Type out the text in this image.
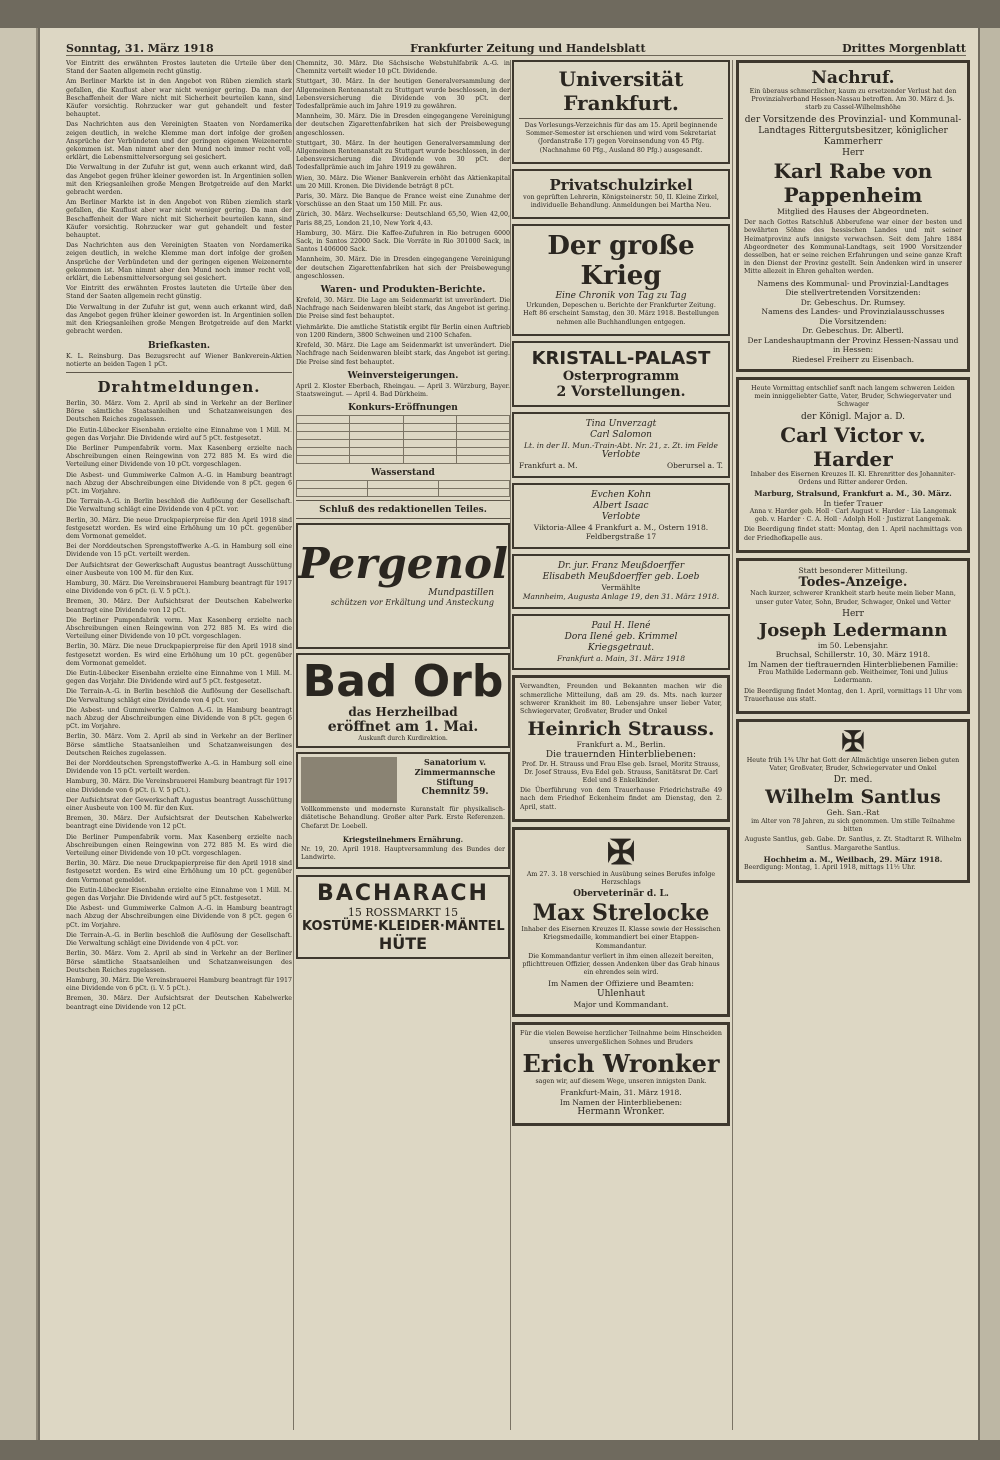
Sonntag, 31. März 1918	Frankfurter Zeitung und Handelsblatt	Drittes Morgenblatt

Vor Eintritt des erwähnten Frostes lauteten die Urteile über den Stand der Saaten allgemein recht günstig.

Am Berliner Markte ist in den Angebot von Rüben ziemlich stark gefallen, die Kauflust aber war nicht weniger gering. Da man der Beschaffenheit der Ware nicht mit Sicherheit beurteilen kann, sind Käufer vorsichtig. Rohrzucker war gut gehandelt und fester behauptet.

Das Nachrichten aus den Vereinigten Staaten von Nordamerika zeigen deutlich, in welche Klemme man dort infolge der großen Ansprüche der Verbündeten und der geringen eigenen Weizenernte gekommen ist. Man nimmt aber den Mund noch immer recht voll, erklärt, die Lebensmittelversorgung sei gesichert.

Die Verwaltung in der Zufuhr ist gut, wenn auch erkannt wird, daß das Angebot gegen früher kleiner geworden ist. In Argentinien sollen mit den Kriegsanleihen große Mengen Brotgetreide auf den Markt gebracht werden.

Am Berliner Markte ist in den Angebot von Rüben ziemlich stark gefallen, die Kauflust aber war nicht weniger gering. Da man der Beschaffenheit der Ware nicht mit Sicherheit beurteilen kann, sind Käufer vorsichtig. Rohrzucker war gut gehandelt und fester behauptet.

Das Nachrichten aus den Vereinigten Staaten von Nordamerika zeigen deutlich, in welche Klemme man dort infolge der großen Ansprüche der Verbündeten und der geringen eigenen Weizenernte gekommen ist. Man nimmt aber den Mund noch immer recht voll, erklärt, die Lebensmittelversorgung sei gesichert.

Vor Eintritt des erwähnten Frostes lauteten die Urteile über den Stand der Saaten allgemein recht günstig.

Die Verwaltung in der Zufuhr ist gut, wenn auch erkannt wird, daß das Angebot gegen früher kleiner geworden ist. In Argentinien sollen mit den Kriegsanleihen große Mengen Brotgetreide auf den Markt gebracht werden.

Briefkasten.

K. L. Reinsburg. Das Bezugsrecht auf Wiener Bankverein-Aktien notierte an beiden Tagen 1 pCt.

Drahtmeldungen.

Berlin, 30. März. Vom 2. April ab sind in Verkehr an der Berliner Börse sämtliche Staatsanleihen und Schatzanweisungen des Deutschen Reiches zugelassen.

Die Eutin-Lübecker Eisenbahn erzielte eine Einnahme von 1 Mill. M. gegen das Vorjahr. Die Dividende wird auf 5 pCt. festgesetzt.

Die Berliner Pumpenfabrik vorm. Max Kasenberg erzielte nach Abschreibungen einen Reingewinn von 272 885 M. Es wird die Verteilung einer Dividende von 10 pCt. vorgeschlagen.

Die Asbest- und Gummiwerke Calmon A.-G. in Hamburg beantragt nach Abzug der Abschreibungen eine Dividende von 8 pCt. gegen 6 pCt. im Vorjahre.

Die Terrain-A.-G. in Berlin beschloß die Auflösung der Gesellschaft. Die Verwaltung schlägt eine Dividende von 4 pCt. vor.

Berlin, 30. März. Die neue Druckpapierpreise für den April 1918 sind festgesetzt worden. Es wird eine Erhöhung um 10 pCt. gegenüber dem Vormonat gemeldet.

Bei der Norddeutschen Sprengstoffwerke A.-G. in Hamburg soll eine Dividende von 15 pCt. verteilt werden.

Der Aufsichtsrat der Gewerkschaft Augustus beantragt Ausschüttung einer Ausbeute von 100 M. für den Kux.

Hamburg, 30. März. Die Vereinsbrauerei Hamburg beantragt für 1917 eine Dividende von 6 pCt. (i. V. 5 pCt.).

Bremen, 30. März. Der Aufsichtsrat der Deutschen Kabelwerke beantragt eine Dividende von 12 pCt.

Die Berliner Pumpenfabrik vorm. Max Kasenberg erzielte nach Abschreibungen einen Reingewinn von 272 885 M. Es wird die Verteilung einer Dividende von 10 pCt. vorgeschlagen.

Berlin, 30. März. Die neue Druckpapierpreise für den April 1918 sind festgesetzt worden. Es wird eine Erhöhung um 10 pCt. gegenüber dem Vormonat gemeldet.

Die Eutin-Lübecker Eisenbahn erzielte eine Einnahme von 1 Mill. M. gegen das Vorjahr. Die Dividende wird auf 5 pCt. festgesetzt.

Die Terrain-A.-G. in Berlin beschloß die Auflösung der Gesellschaft. Die Verwaltung schlägt eine Dividende von 4 pCt. vor.

Die Asbest- und Gummiwerke Calmon A.-G. in Hamburg beantragt nach Abzug der Abschreibungen eine Dividende von 8 pCt. gegen 6 pCt. im Vorjahre.

Berlin, 30. März. Vom 2. April ab sind in Verkehr an der Berliner Börse sämtliche Staatsanleihen und Schatzanweisungen des Deutschen Reiches zugelassen.

Bei der Norddeutschen Sprengstoffwerke A.-G. in Hamburg soll eine Dividende von 15 pCt. verteilt werden.

Hamburg, 30. März. Die Vereinsbrauerei Hamburg beantragt für 1917 eine Dividende von 6 pCt. (i. V. 5 pCt.).

Der Aufsichtsrat der Gewerkschaft Augustus beantragt Ausschüttung einer Ausbeute von 100 M. für den Kux.

Bremen, 30. März. Der Aufsichtsrat der Deutschen Kabelwerke beantragt eine Dividende von 12 pCt.

Die Berliner Pumpenfabrik vorm. Max Kasenberg erzielte nach Abschreibungen einen Reingewinn von 272 885 M. Es wird die Verteilung einer Dividende von 10 pCt. vorgeschlagen.

Berlin, 30. März. Die neue Druckpapierpreise für den April 1918 sind festgesetzt worden. Es wird eine Erhöhung um 10 pCt. gegenüber dem Vormonat gemeldet.

Die Eutin-Lübecker Eisenbahn erzielte eine Einnahme von 1 Mill. M. gegen das Vorjahr. Die Dividende wird auf 5 pCt. festgesetzt.

Die Asbest- und Gummiwerke Calmon A.-G. in Hamburg beantragt nach Abzug der Abschreibungen eine Dividende von 8 pCt. gegen 6 pCt. im Vorjahre.

Die Terrain-A.-G. in Berlin beschloß die Auflösung der Gesellschaft. Die Verwaltung schlägt eine Dividende von 4 pCt. vor.

Berlin, 30. März. Vom 2. April ab sind in Verkehr an der Berliner Börse sämtliche Staatsanleihen und Schatzanweisungen des Deutschen Reiches zugelassen.

Hamburg, 30. März. Die Vereinsbrauerei Hamburg beantragt für 1917 eine Dividende von 6 pCt. (i. V. 5 pCt.).

Bremen, 30. März. Der Aufsichtsrat der Deutschen Kabelwerke beantragt eine Dividende von 12 pCt.

Chemnitz, 30. März. Die Sächsische Webstuhlfabrik A.-G. in Chemnitz verteilt wieder 10 pCt. Dividende.

Stuttgart, 30. März. In der heutigen Generalversammlung der Allgemeinen Rentenanstalt zu Stuttgart wurde beschlossen, in der Lebensversicherung die Dividende von 30 pCt. der Todesfallprämie auch im Jahre 1919 zu gewähren.

Mannheim, 30. März. Die in Dresden eingegangene Vereinigung der deutschen Zigarettenfabriken hat sich der Preisbewegung angeschlossen.

Stuttgart, 30. März. In der heutigen Generalversammlung der Allgemeinen Rentenanstalt zu Stuttgart wurde beschlossen, in der Lebensversicherung die Dividende von 30 pCt. der Todesfallprämie auch im Jahre 1919 zu gewähren.

Wien, 30. März. Die Wiener Bankverein erhöht das Aktienkapital um 20 Mill. Kronen. Die Dividende beträgt 8 pCt.

Paris, 30. März. Die Banque de France weist eine Zunahme der Vorschüsse an den Staat um 150 Mill. Fr. aus.

Zürich, 30. März. Wechselkurse: Deutschland 65,50, Wien 42,00, Paris 88,25, London 21,10, New York 4,43.

Hamburg, 30. März. Die Kaffee-Zufuhren in Rio betrugen 6000 Sack, in Santos 22000 Sack. Die Vorräte in Rio 301000 Sack, in Santos 1406000 Sack.

Mannheim, 30. März. Die in Dresden eingegangene Vereinigung der deutschen Zigarettenfabriken hat sich der Preisbewegung angeschlossen.

Waren- und Produkten-Berichte.

Krefeld, 30. März. Die Lage am Seidenmarkt ist unverändert. Die Nachfrage nach Seidenwaren bleibt stark, das Angebot ist gering. Die Preise sind fest behauptet.

Viehmärkte. Die amtliche Statistik ergibt für Berlin einen Auftrieb von 1200 Rindern, 3800 Schweinen und 2100 Schafen.

Krefeld, 30. März. Die Lage am Seidenmarkt ist unverändert. Die Nachfrage nach Seidenwaren bleibt stark, das Angebot ist gering. Die Preise sind fest behauptet.

Weinversteigerungen.

April 2. Kloster Eberbach, Rheingau. — April 3. Würzburg, Bayer. Staatsweingut. — April 4. Bad Dürkheim.

Konkurs-Eröffnungen

Wasserstand

Schluß des redaktionellen Teiles.
Pergenol
Mundpastillen
schützen vor Erkältung und Ansteckung
Bad Orb
das Herzheilbad
eröffnet am 1. Mai.
Auskunft durch Kurdirektion.
Sanatorium v. Zimmermannsche Stiftung
Chemnitz 59.

Vollkommenste und modernste Kuranstalt für physikalisch-diätetische Behandlung. Großer alter Park. Erste Referenzen. Chefarzt Dr. Loebell.

Kriegsteilnehmers Ernährung.

Nr. 19, 20. April 1918. Hauptversammlung des Bundes der Landwirte.

BACHARACH
15 ROSSMARKT 15
KOSTÜME·KLEIDER·MÄNTEL
HÜTE
Universität Frankfurt.

Das Vorlesungs-Verzeichnis für das am 15. April beginnende Sommer-Semester ist erschienen und wird vom Sekretariat (Jordanstraße 17) gegen Voreinsendung von 45 Pfg. (Nachnahme 60 Pfg., Ausland 80 Pfg.) ausgesandt.

Privatschulzirkel

von geprüften Lehrerin, Königsteinerstr. 50, II. Kleine Zirkel, individuelle Behandlung. Anmeldungen bei Martha Neu.

Der große Krieg
Eine Chronik von Tag zu Tag

Urkunden, Depeschen u. Berichte der Frankfurter Zeitung. Heft 86 erscheint Samstag, den 30. März 1918. Bestellungen nehmen alle Buchhandlungen entgegen.

KRISTALL-PALAST
Osterprogramm
2 Vorstellungen.
Tina Unverzagt
Carl Salomon
Lt. in der II. Mun.-Train-Abt. Nr. 21, z. Zt. im Felde
Verlobte
Frankfurt a. M.	Oberursel a. T.
Evchen Kohn
Albert Isaac
Verlobte
Viktoria-Allee 4 Frankfurt a. M., Ostern 1918. Feldbergstraße 17
Dr. jur. Franz Meußdoerffer
Elisabeth Meußdoerffer geb. Loeb
Vermählte
Mannheim, Augusta Anlage 19, den 31. März 1918.
Paul H. Ilené
Dora Ilené geb. Krimmel
Kriegsgetraut.
Frankfurt a. Main, 31. März 1918

Verwandten, Freunden und Bekannten machen wir die schmerzliche Mitteilung, daß am 29. ds. Mts. nach kurzer schwerer Krankheit im 80. Lebensjahre unser lieber Vater, Schwiegervater, Großvater, Bruder und Onkel

Heinrich Strauss.
Frankfurt a. M., Berlin.
Die trauernden Hinterbliebenen:

Prof. Dr. H. Strauss und Frau Else geb. Israel, Moritz Strauss, Dr. Josef Strauss, Eva Edel geb. Strauss, Sanitätsrat Dr. Carl Edel und 8 Enkelkinder.

Die Überführung von dem Trauerhause Friedrichstraße 49 nach dem Friedhof Eckenheim findet am Dienstag, den 2. April, statt.

✠

Am 27. 3. 18 verschied in Ausübung seines Berufes infolge Herzschlags

Oberveterinär d. L.
Max Strelocke

Inhaber des Eisernen Kreuzes II. Klasse sowie der Hessischen Kriegsmedaille, kommandiert bei einer Etappen-Kommandantur.

Die Kommandantur verliert in ihm einen allezeit bereiten, pflichttreuen Offizier, dessen Andenken über das Grab hinaus ein ehrendes sein wird.

Im Namen der Offiziere und Beamten:
Uhlenhaut
Major und Kommandant.

Für die vielen Beweise herzlicher Teilnahme beim Hinscheiden unseres unvergeßlichen Sohnes und Bruders

Erich Wronker

sagen wir, auf diesem Wege, unseren innigsten Dank.

Frankfurt-Main, 31. März 1918.
Im Namen der Hinterbliebenen:
Hermann Wronker.
Nachruf.

Ein überaus schmerzlicher, kaum zu ersetzender Verlust hat den Provinzialverband Hessen-Nassau betroffen. Am 30. März d. Js. starb zu Cassel-Wilhelmshöhe

der Vorsitzende des Provinzial- und Kommunal-Landtages Rittergutsbesitzer, königlicher Kammerherr
Herr
Karl Rabe von Pappenheim
Mitglied des Hauses der Abgeordneten.

Der nach Gottes Ratschluß Abberufene war einer der besten und bewährten Söhne des hessischen Landes und mit seiner Heimatprovinz aufs innigste verwachsen. Seit dem Jahre 1884 Abgeordneter des Kommunal-Landtags, seit 1900 Vorsitzender desselben, hat er seine reichen Erfahrungen und seine ganze Kraft in den Dienst der Provinz gestellt. Sein Andenken wird in unserer Mitte allezeit in Ehren gehalten werden.

Namens des Kommunal- und Provinzial-Landtages
Die stellvertretenden Vorsitzenden:
Dr. Gebeschus. Dr. Rumsey.
Namens des Landes- und Provinzialausschusses
Die Vorsitzenden:
Dr. Gebeschus. Dr. Albertl.
Der Landeshauptmann der Provinz Hessen-Nassau und in Hessen:
Riedesel Freiherr zu Eisenbach.

Heute Vormittag entschlief sanft nach langem schweren Leiden mein inniggeliebter Gatte, Vater, Bruder, Schwiegervater und Schwager

der Königl. Major a. D.
Carl Victor v. Harder

Inhaber des Eisernen Kreuzes II. Kl. Ehrenritter des Johanniter-Ordens und Ritter anderer Orden.

Marburg, Stralsund, Frankfurt a. M., 30. März.
In tiefer Trauer

Anna v. Harder geb. Holl · Carl August v. Harder · Lia Langemak geb. v. Harder · C. A. Holl · Adolph Holl · Justizrat Langemak.

Die Beerdigung findet statt: Montag, den 1. April nachmittags von der Friedhofkapelle aus.

Statt besonderer Mitteilung.
Todes-Anzeige.

Nach kurzer, schwerer Krankheit starb heute mein lieber Mann, unser guter Vater, Sohn, Bruder, Schwager, Onkel und Vetter

Herr
Joseph Ledermann
im 50. Lebensjahr.
Bruchsal, Schillerstr. 10, 30. März 1918.
Im Namen der tieftrauernden Hinterbliebenen Familie:

Frau Mathilde Ledermann geb. Weitheimer, Toni und Julius Ledermann.

Die Beerdigung findet Montag, den 1. April, vormittags 11 Uhr vom Trauerhause aus statt.

✠

Heute früh 1¾ Uhr hat Gott der Allmächtige unseren lieben guten Vater, Großvater, Bruder, Schwiegervater und Onkel

Dr. med.
Wilhelm Santlus
Geh. San.-Rat

im Alter von 78 Jahren, zu sich genommen. Um stille Teilnahme bitten

Auguste Santlus, geb. Gabe. Dr. Santlus, z. Zt. Stadtarzt R. Wilhelm Santlus. Margarethe Santlus.

Hochheim a. M., Weilbach, 29. März 1918.

Beerdigung: Montag, 1. April 1918, mittags 11½ Uhr.
